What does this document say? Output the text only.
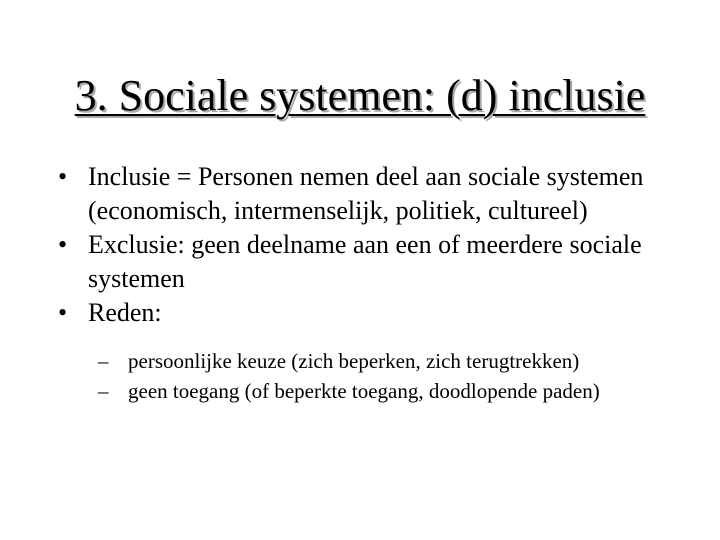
3. Sociale systemen: (d) inclusie
• Inclusie = Personen nemen deel aan sociale systemen (economisch, intermenselijk, politiek, cultureel)
• Exclusie: geen deelname aan een of meerdere sociale systemen
• Reden:
– persoonlijke keuze (zich beperken, zich terugtrekken)
– geen toegang (of beperkte toegang, doodlopende paden)
